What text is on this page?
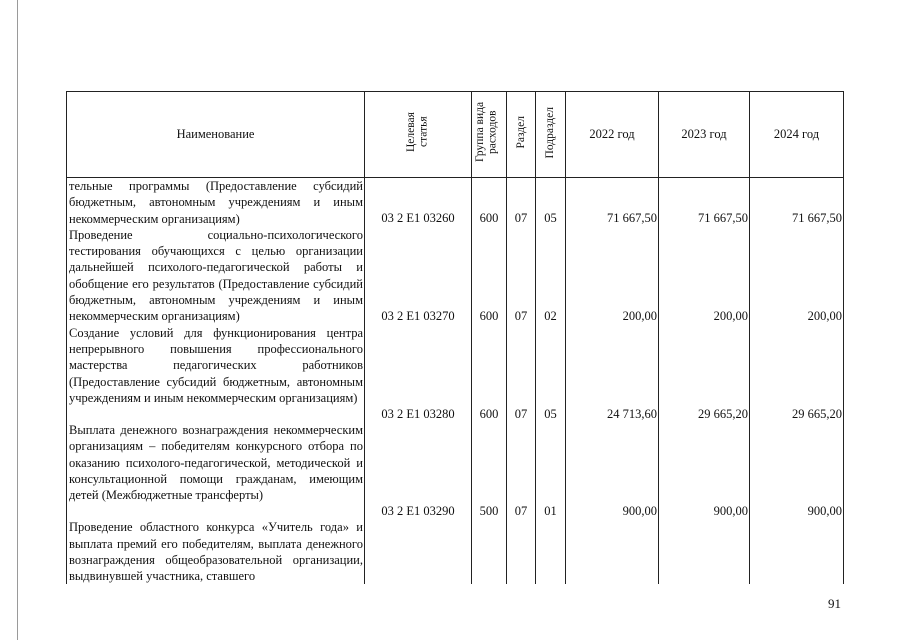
Наименование	Целевая статья	Группа вида расходов	Раздел	Подраздел	2022 год	2023 год	2024 год
тельные программы (Предоставление субсидий бюджетным, автономным учреждениям и иным некоммерческим организациям)	03 2 E1 03260	600	07	05	71 667,50	71 667,50	71 667,50

Проведение социально-психологического тестирования обучающихся с целью организации дальнейшей психолого-педагогической работы и обобщение его результатов (Предоставление субсидий бюджетным, автономным учреждениям и иным некоммерческим организациям)	03 2 E1 03270	600	07	02	200,00	200,00	200,00

Создание условий для функционирования центра непрерывного повышения профессионального мастерства педагогических работников (Предоставление субсидий бюджетным, автономным учреждениям и иным некоммерческим организациям)	03 2 E1 03280	600	07	05	24 713,60	29 665,20	29 665,20

Выплата денежного вознаграждения некоммерческим организациям – победителям конкурсного отбора по оказанию психолого-педагогической, методической и консультационной помощи гражданам, имеющим детей (Межбюджетные трансферты)	03 2 E1 03290	500	07	01	900,00	900,00	900,00

Проведение областного конкурса «Учитель года» и выплата премий его победителям, выплата денежного вознаграждения общеобразовательной организации, выдвинувшей участника, ставшего							
91
